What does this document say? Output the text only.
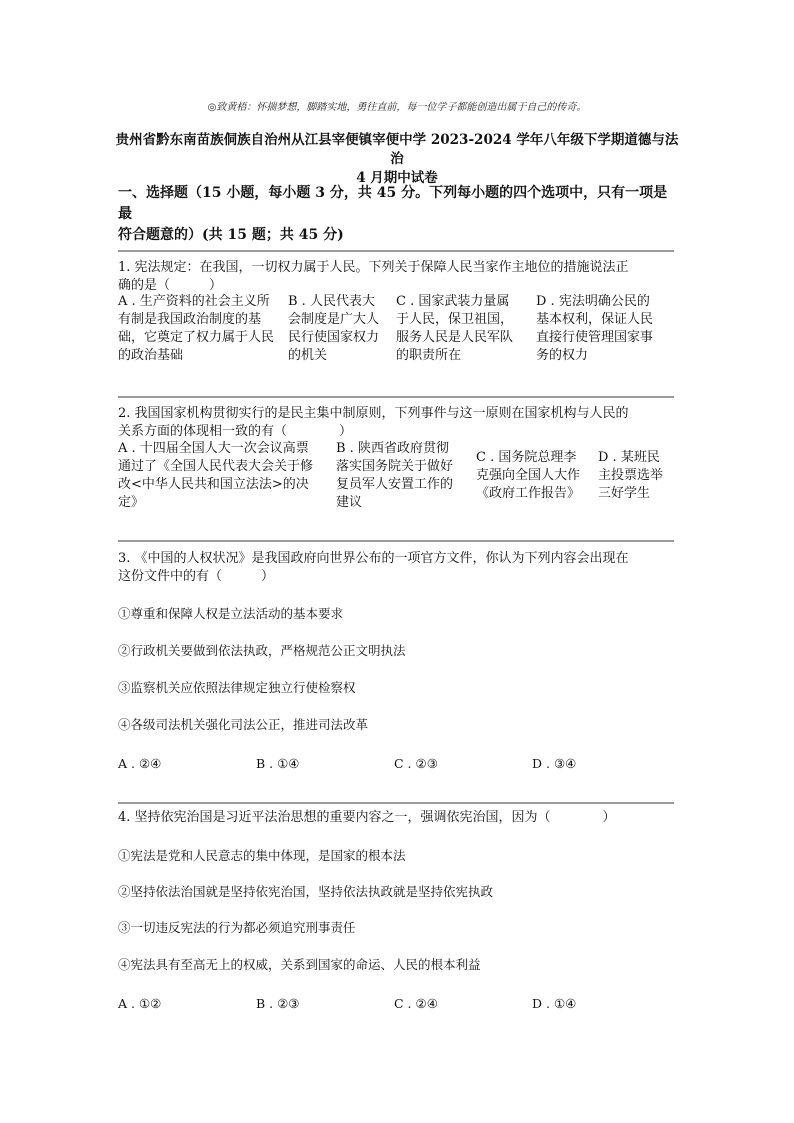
◎致黄梧：怀揣梦想，脚踏实地，勇往直前，每一位学子都能创造出属于自己的传奇。
贵州省黔东南苗族侗族自治州从江县宰便镇宰便中学 2023-2024 学年八年级下学期道德与法治
4 月期中试卷
一、选择题（15 小题，每小题 3 分，共 45 分。下列每小题的四个选项中，只有一项是最
符合题意的）(共 15 题；共 45 分)
1. 宪法规定：在我国，一切权力属于人民。下列关于保障人民当家作主地位的措施说法正
确的是（　　　）
A . 生产资料的社会主义所
有制是我国政治制度的基
础，它奠定了权力属于人民
的政治基础
B . 人民代表大
会制度是广大人
民行使国家权力
的机关
C . 国家武装力量属
于人民，保卫祖国，
服务人民是人民军队
的职责所在
D . 宪法明确公民的
基本权利，保证人民
直接行使管理国家事
务的权力
2. 我国国家机构贯彻实行的是民主集中制原则，下列事件与这一原则在国家机构与人民的
关系方面的体现相一致的有（　　　　）
A . 十四届全国人大一次会议高票
通过了《全国人民代表大会关于修
改<中华人民共和国立法法>的决
定》
B . 陕西省政府贯彻
落实国务院关于做好
复员军人安置工作的
建议
C . 国务院总理李
克强向全国人大作
《政府工作报告》
D . 某班民
主投票选举
三好学生
3. 《中国的人权状况》是我国政府向世界公布的一项官方文件，你认为下列内容会出现在
这份文件中的有（　　　）
①尊重和保障人权是立法活动的基本要求
②行政机关要做到依法执政，严格规范公正文明执法
③监察机关应依照法律规定独立行使检察权
④各级司法机关强化司法公正，推进司法改革
A . ②④	B . ①④	C . ②③	D . ③④
4. 坚持依宪治国是习近平法治思想的重要内容之一，强调依宪治国，因为（　　　　）
①宪法是党和人民意志的集中体现，是国家的根本法
②坚持依法治国就是坚持依宪治国，坚持依法执政就是坚持依宪执政
③一切违反宪法的行为都必须追究刑事责任
④宪法具有至高无上的权威，关系到国家的命运、人民的根本利益
A . ①②	B . ②③	C . ②④	D . ①④
